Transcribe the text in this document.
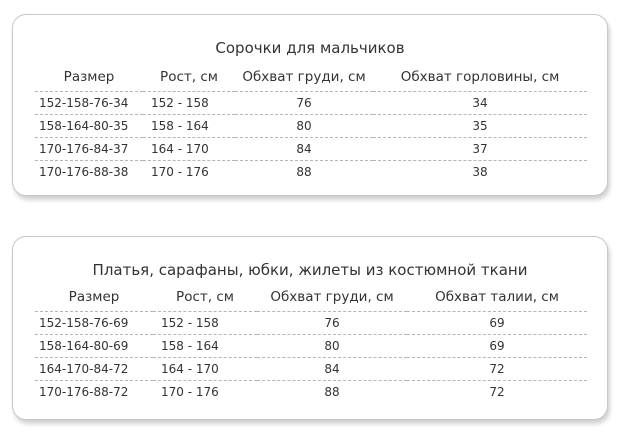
Сорочки для мальчиков
Размер	Рост, см	Обхват груди, см	Обхват горловины, см
152-158-76-34	152 - 158	76	34
158-164-80-35	158 - 164	80	35
170-176-84-37	164 - 170	84	37
170-176-88-38	170 - 176	88	38
Платья, сарафаны, юбки, жилеты из костюмной ткани
Размер	Рост, см	Обхват груди, см	Обхват талии, см
152-158-76-69	152 - 158	76	69
158-164-80-69	158 - 164	80	69
164-170-84-72	164 - 170	84	72
170-176-88-72	170 - 176	88	72
